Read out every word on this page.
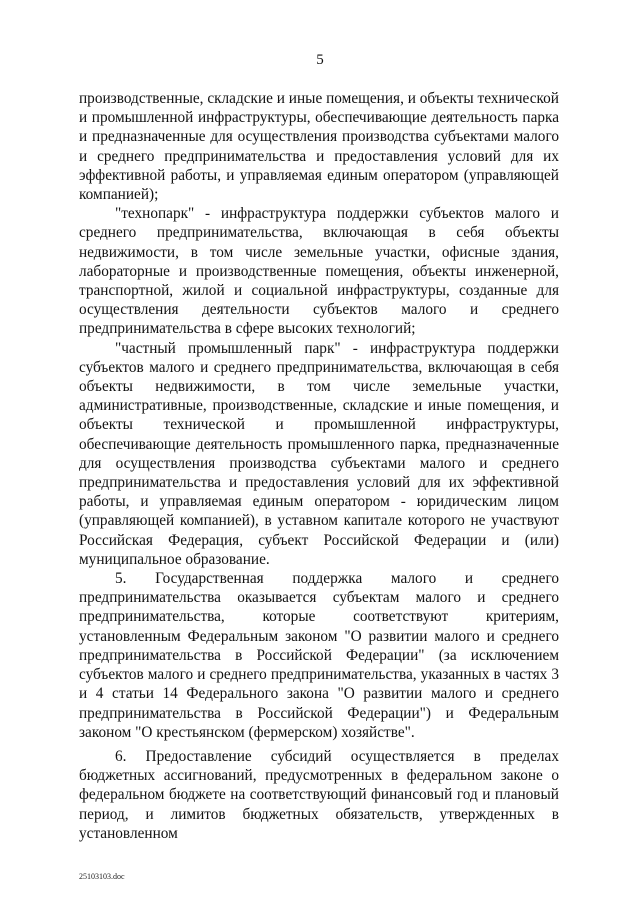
5

производственные, складские и иные помещения, и объекты технической и промышленной инфраструктуры, обеспечивающие деятельность парка и предназначенные для осуществления производства субъектами малого и среднего предпринимательства и предоставления условий для их эффективной работы, и управляемая единым оператором (управляющей компанией);

"технопарк" - инфраструктура поддержки субъектов малого и среднего предпринимательства, включающая в себя объекты недвижимости, в том числе земельные участки, офисные здания, лабораторные и производственные помещения, объекты инженерной, транспортной, жилой и социальной инфраструктуры, созданные для осуществления деятельности субъектов малого и среднего предпринимательства в сфере высоких технологий;

"частный промышленный парк" - инфраструктура поддержки субъектов малого и среднего предпринимательства, включающая в себя объекты недвижимости, в том числе земельные участки, административные, производственные, складские и иные помещения, и объекты технической и промышленной инфраструктуры, обеспечивающие деятельность промышленного парка, предназначенные для осуществления производства субъектами малого и среднего предпринимательства и предоставления условий для их эффективной работы, и управляемая единым оператором - юридическим лицом (управляющей компанией), в уставном капитале которого не участвуют Российская Федерация, субъект Российской Федерации и (или) муниципальное образование.

5. Государственная поддержка малого и среднего предпринимательства оказывается субъектам малого и среднего предпринимательства, которые соответствуют критериям, установленным Федеральным законом "О развитии малого и среднего предпринимательства в Российской Федерации" (за исключением субъектов малого и среднего предпринимательства, указанных в частях 3 и 4 статьи 14 Федерального закона "О развитии малого и среднего предпринимательства в Российской Федерации") и Федеральным законом "О крестьянском (фермерском) хозяйстве".

6. Предоставление субсидий осуществляется в пределах бюджетных ассигнований, предусмотренных в федеральном законе о федеральном бюджете на соответствующий финансовый год и плановый период, и лимитов бюджетных обязательств, утвержденных в установленном

25103103.doc
